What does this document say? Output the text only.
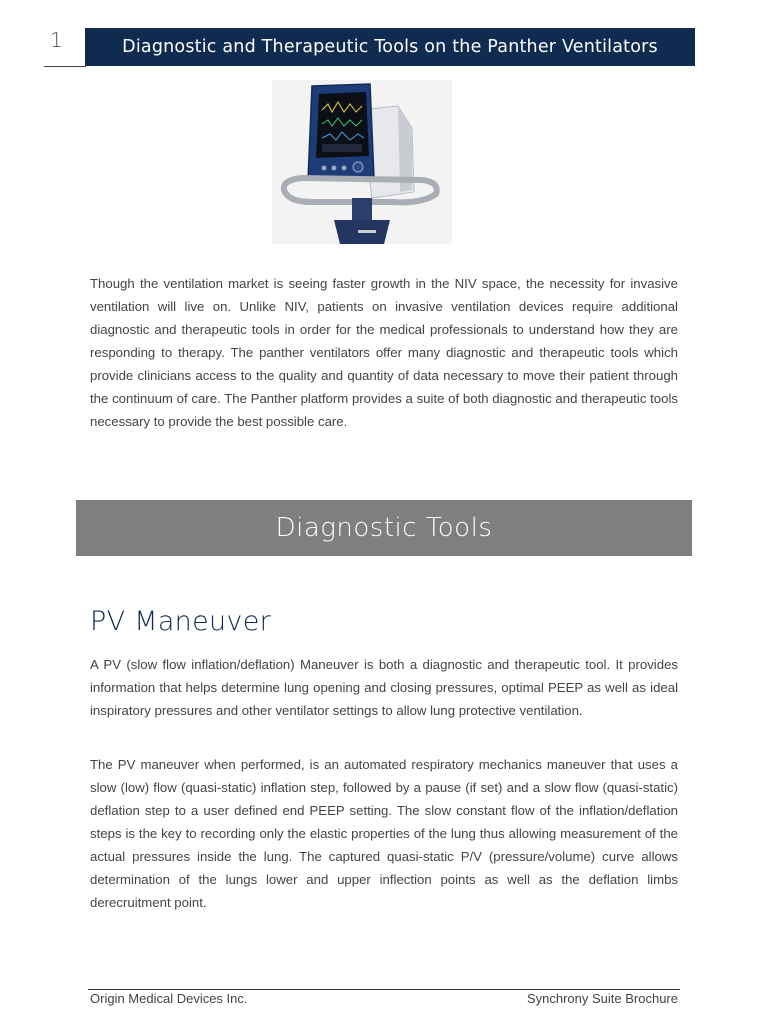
1	Diagnostic and Therapeutic Tools on the Panther Ventilators

Though the ventilation market is seeing faster growth in the NIV space, the necessity for invasive ventilation will live on. Unlike NIV, patients on invasive ventilation devices require additional diagnostic and therapeutic tools in order for the medical professionals to understand how they are responding to therapy. The panther ventilators offer many diagnostic and therapeutic tools which provide clinicians access to the quality and quantity of data necessary to move their patient through the continuum of care. The Panther platform provides a suite of both diagnostic and therapeutic tools necessary to provide the best possible care.

Diagnostic Tools
PV Maneuver

A PV (slow flow inflation/deflation) Maneuver is both a diagnostic and therapeutic tool. It provides information that helps determine lung opening and closing pressures, optimal PEEP as well as ideal inspiratory pressures and other ventilator settings to allow lung protective ventilation.

The PV maneuver when performed, is an automated respiratory mechanics maneuver that uses a slow (low) flow (quasi-static) inflation step, followed by a pause (if set) and a slow flow (quasi-static) deflation step to a user defined end PEEP setting. The slow constant flow of the inflation/deflation steps is the key to recording only the elastic properties of the lung thus allowing measurement of the actual pressures inside the lung. The captured quasi-static P/V (pressure/volume) curve allows determination of the lungs lower and upper inflection points as well as the deflation limbs derecruitment point.

Origin Medical Devices Inc.	Synchrony Suite Brochure
